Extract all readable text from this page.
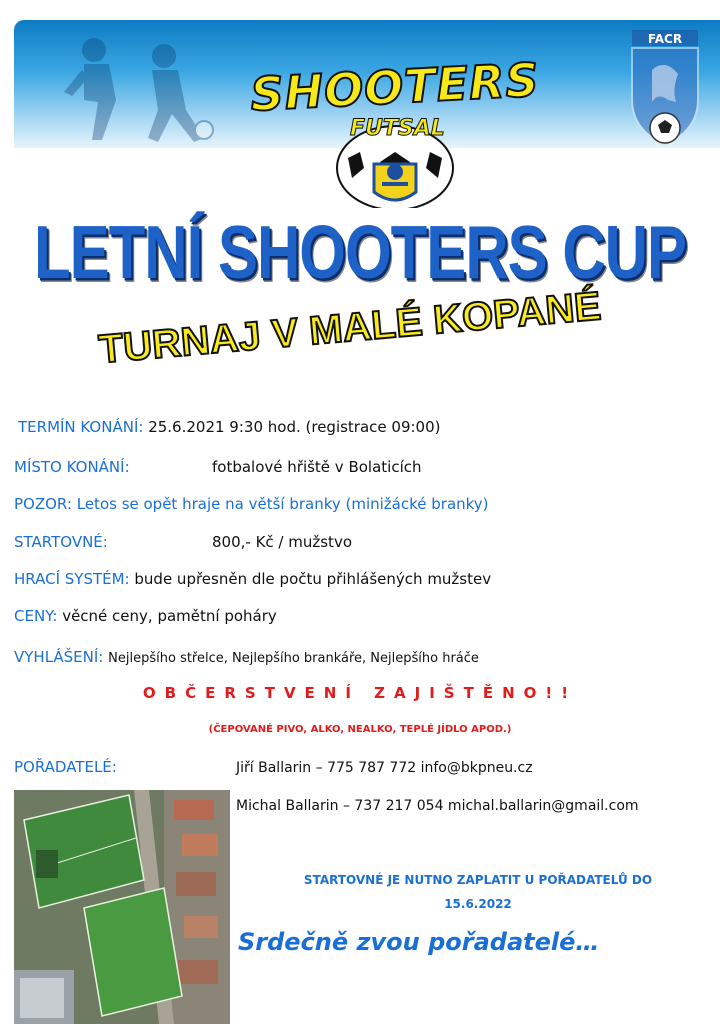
FACR
SHOOTERS
FUTSAL
LETNÍ SHOOTERS CUP
TURNAJ V MALÉ KOPANÉ
TERMÍN KONÁNÍ: 25.6.2021 9:30 hod. (registrace 09:00)
MÍSTO KONÁNÍ:	fotbalové hřiště v Bolaticích
POZOR: Letos se opět hraje na větší branky (minižácké branky)
STARTOVNÉ:	800,- Kč / mužstvo
HRACÍ SYSTÉM: bude upřesněn dle počtu přihlášených mužstev
CENY: věcné ceny, pamětní poháry
VYHLÁŠENÍ: Nejlepšího střelce, Nejlepšího brankáře, Nejlepšího hráče
OBČERSTVENÍ ZAJIŠTĚNO!!
(ČEPOVANÉ PIVO, ALKO, NEALKO, TEPLÉ JÍDLO APOD.)
POŘADATELÉ:	Jiří Ballarin – 775 787 772 info@bkpneu.cz
Michal Ballarin – 737 217 054 michal.ballarin@gmail.com
STARTOVNÉ JE NUTNO ZAPLATIT U POŘADATELŮ DO
15.6.2022
Srdečně zvou pořadatelé…
